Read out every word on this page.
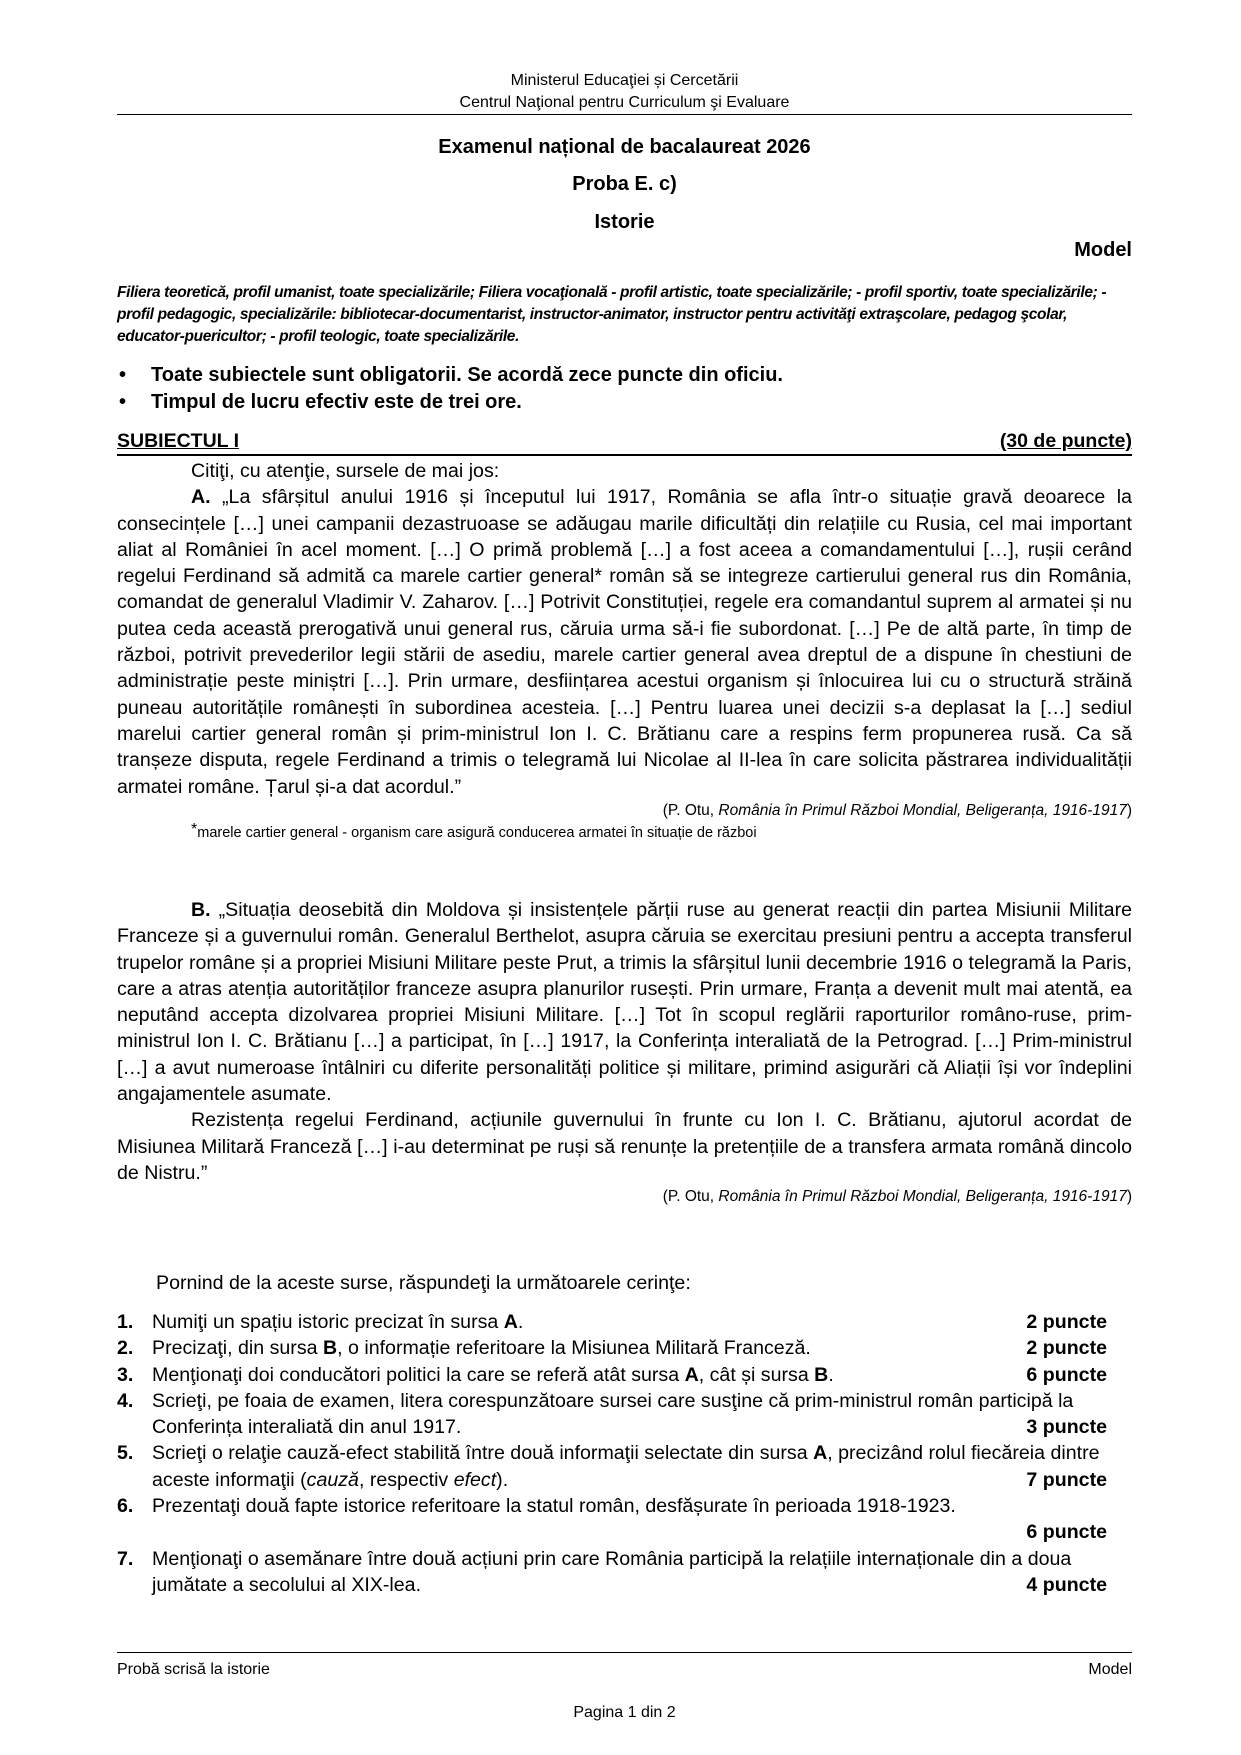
Ministerul Educaţiei și Cercetării
Centrul Naţional pentru Curriculum şi Evaluare
Examenul național de bacalaureat 2026
Proba E. c)
Istorie
Model
Filiera teoretică, profil umanist, toate specializările; Filiera vocaţională - profil artistic, toate specializările; - profil sportiv, toate specializările; - profil pedagogic, specializările: bibliotecar-documentarist, instructor-animator, instructor pentru activităţi extraşcolare, pedagog şcolar, educator-puericultor; - profil teologic, toate specializările.
• Toate subiectele sunt obligatorii. Se acordă zece puncte din oficiu.
• Timpul de lucru efectiv este de trei ore.
SUBIECTUL I	(30 de puncte)

Citiţi, cu atenţie, sursele de mai jos:

A. „La sfârșitul anului 1916 și începutul lui 1917, România se afla într-o situație gravă deoarece la consecințele […] unei campanii dezastruoase se adăugau marile dificultăți din relațiile cu Rusia, cel mai important aliat al României în acel moment. […] O primă problemă […] a fost aceea a comandamentului […], rușii cerând regelui Ferdinand să admită ca marele cartier general* român să se integreze cartierului general rus din România, comandat de generalul Vladimir V. Zaharov. […] Potrivit Constituției, regele era comandantul suprem al armatei și nu putea ceda această prerogativă unui general rus, căruia urma să-i fie subordonat. […] Pe de altă parte, în timp de război, potrivit prevederilor legii stării de asediu, marele cartier general avea dreptul de a dispune în chestiuni de administrație peste miniștri […]. Prin urmare, desființarea acestui organism și înlocuirea lui cu o structură străină puneau autoritățile românești în subordinea acesteia. […] Pentru luarea unei decizii s-a deplasat la […] sediul marelui cartier general român și prim-ministrul Ion I. C. Brătianu care a respins ferm propunerea rusă. Ca să tranșeze disputa, regele Ferdinand a trimis o telegramă lui Nicolae al II-lea în care solicita păstrarea individualității armatei române. Țarul și-a dat acordul.”

(P. Otu, România în Primul Război Mondial, Beligeranța, 1916-1917)

*marele cartier general - organism care asigură conducerea armatei în situație de război

B. „Situația deosebită din Moldova și insistențele părții ruse au generat reacții din partea Misiunii Militare Franceze și a guvernului român. Generalul Berthelot, asupra căruia se exercitau presiuni pentru a accepta transferul trupelor române și a propriei Misiuni Militare peste Prut, a trimis la sfârșitul lunii decembrie 1916 o telegramă la Paris, care a atras atenția autorităților franceze asupra planurilor rusești. Prin urmare, Franța a devenit mult mai atentă, ea neputând accepta dizolvarea propriei Misiuni Militare. […] Tot în scopul reglării raporturilor româno-ruse, prim-ministrul Ion I. C. Brătianu […] a participat, în […] 1917, la Conferința interaliată de la Petrograd. […] Prim-ministrul […] a avut numeroase întâlniri cu diferite personalități politice și militare, primind asigurări că Aliații își vor îndeplini angajamentele asumate.

Rezistența regelui Ferdinand, acțiunile guvernului în frunte cu Ion I. C. Brătianu, ajutorul acordat de Misiunea Militară Franceză […] i-au determinat pe ruși să renunțe la pretențiile de a transfera armata română dincolo de Nistru.”

(P. Otu, România în Primul Război Mondial, Beligeranța, 1916-1917)

Pornind de la aceste surse, răspundeţi la următoarele cerinţe:
1. Numiţi un spațiu istoric precizat în sursa A.	2 puncte
2. Precizaţi, din sursa B, o informație referitoare la Misiunea Militară Franceză.	2 puncte
3. Menţionaţi doi conducători politici la care se referă atât sursa A, cât și sursa B.	6 puncte
4. Scrieţi, pe foaia de examen, litera corespunzătoare sursei care susţine că prim-ministrul român participă la Conferința interaliată din anul 1917.	3 puncte
5. Scrieţi o relaţie cauză-efect stabilită între două informaţii selectate din sursa A, precizând rolul fiecăreia dintre aceste informaţii (cauză, respectiv efect).	7 puncte
6. Prezentaţi două fapte istorice referitoare la statul român, desfășurate în perioada 1918-1923.
6 puncte
7. Menţionaţi o asemănare între două acțiuni prin care România participă la relațiile internaționale din a doua jumătate a secolului al XIX-lea.	4 puncte
Probă scrisă la istorie	Model
Pagina 1 din 2
